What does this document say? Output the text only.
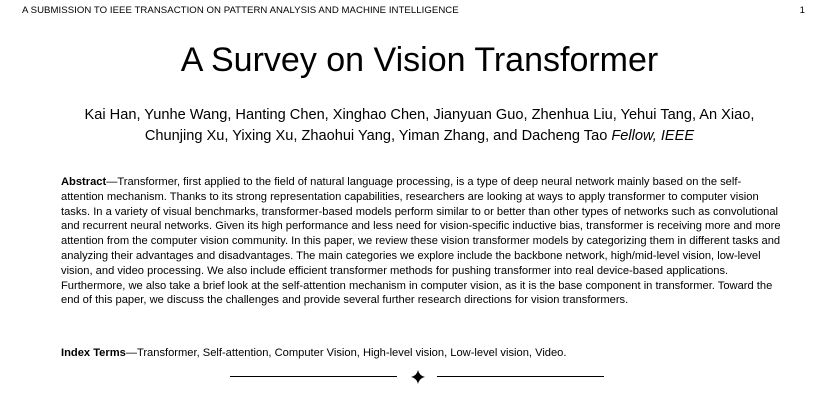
A SUBMISSION TO IEEE TRANSACTION ON PATTERN ANALYSIS AND MACHINE INTELLIGENCE	1
A Survey on Vision Transformer
Kai Han, Yunhe Wang, Hanting Chen, Xinghao Chen, Jianyuan Guo, Zhenhua Liu, Yehui Tang, An Xiao,
Chunjing Xu, Yixing Xu, Zhaohui Yang, Yiman Zhang, and Dacheng Tao Fellow, IEEE

Abstract—Transformer, first applied to the field of natural language processing, is a type of deep neural network mainly based on the self-attention mechanism. Thanks to its strong representation capabilities, researchers are looking at ways to apply transformer to computer vision tasks. In a variety of visual benchmarks, transformer-based models perform similar to or better than other types of networks such as convolutional and recurrent neural networks. Given its high performance and less need for vision-specific inductive bias, transformer is receiving more and more attention from the computer vision community. In this paper, we review these vision transformer models by categorizing them in different tasks and analyzing their advantages and disadvantages. The main categories we explore include the backbone network, high/mid-level vision, low-level vision, and video processing. We also include efficient transformer methods for pushing transformer into real device-based applications. Furthermore, we also take a brief look at the self-attention mechanism in computer vision, as it is the base component in transformer. Toward the end of this paper, we discuss the challenges and provide several further research directions for vision transformers.

Index Terms—Transformer, Self-attention, Computer Vision, High-level vision, Low-level vision, Video.
